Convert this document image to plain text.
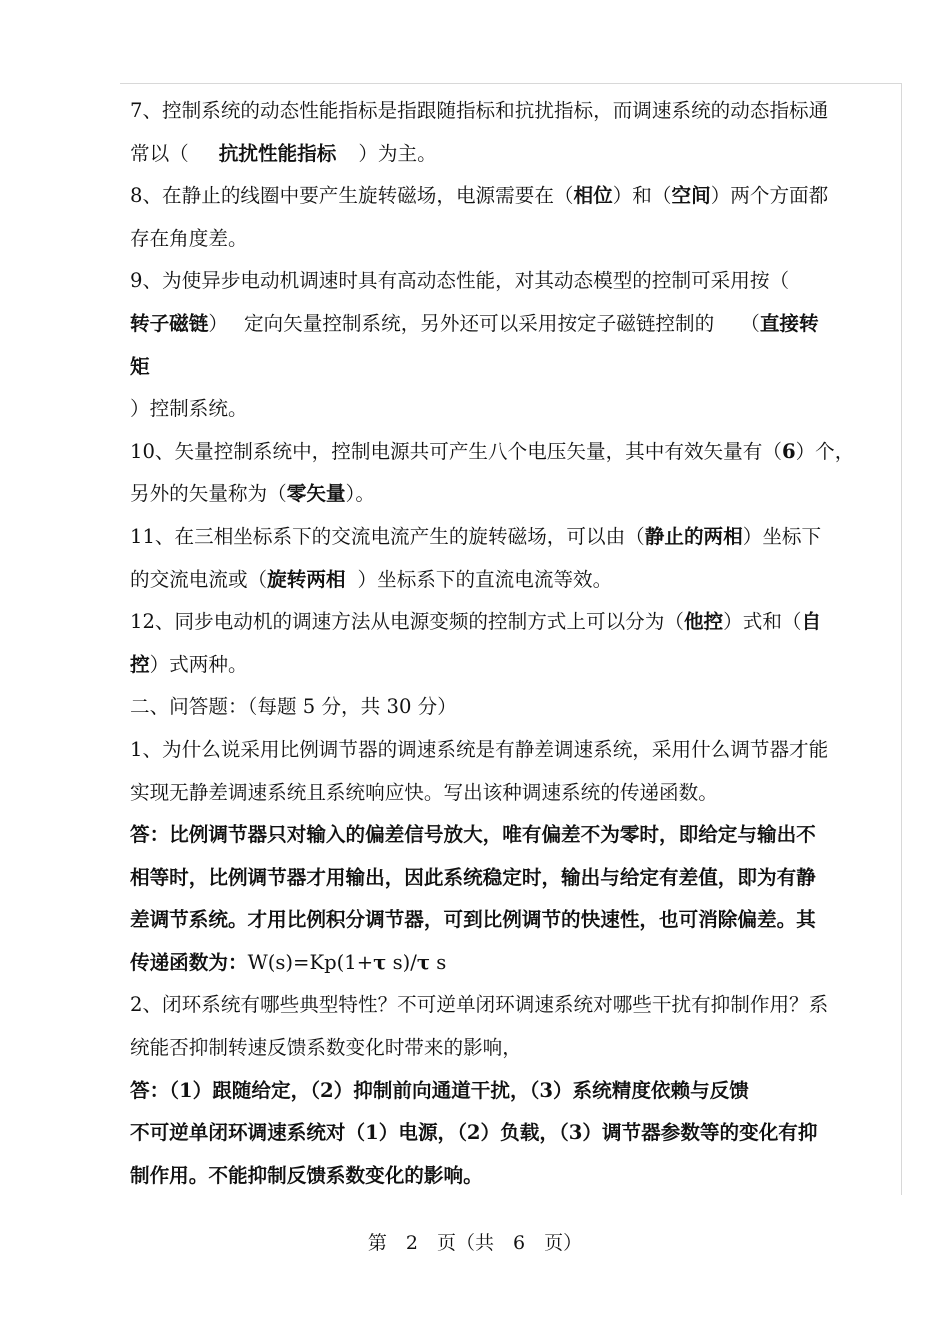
7、控制系统的动态性能指标是指跟随指标和抗扰指标，而调速系统的动态指标通
常以（ 抗扰性能指标 ）为主。
8、在静止的线圈中要产生旋转磁场，电源需要在（相位）和（空间）两个方面都
存在角度差。
9、为使异步电动机调速时具有高动态性能，对其动态模型的控制可采用按（
转子磁链） 定向矢量控制系统，另外还可以采用按定子磁链控制的 （直接转
矩
）控制系统。
10、矢量控制系统中，控制电源共可产生八个电压矢量，其中有效矢量有（6）个，
另外的矢量称为（零矢量）。
11、在三相坐标系下的交流电流产生的旋转磁场，可以由（静止的两相）坐标下
的交流电流或（旋转两相 ）坐标系下的直流电流等效。
12、同步电动机的调速方法从电源变频的控制方式上可以分为（他控）式和（自
控）式两种。
二、问答题：（每题 5 分，共 30 分）
1、为什么说采用比例调节器的调速系统是有静差调速系统，采用什么调节器才能
实现无静差调速系统且系统响应快。写出该种调速系统的传递函数。
答：比例调节器只对输入的偏差信号放大，唯有偏差不为零时，即给定与输出不
相等时，比例调节器才用输出，因此系统稳定时，输出与给定有差值，即为有静
差调节系统。才用比例积分调节器，可到比例调节的快速性，也可消除偏差。其
传递函数为：W(s)=Kp(1+τ s)/τ s
2、闭环系统有哪些典型特性？不可逆单闭环调速系统对哪些干扰有抑制作用？系
统能否抑制转速反馈系数变化时带来的影响，
答：（1）跟随给定，（2）抑制前向通道干扰，（3）系统精度依赖与反馈
不可逆单闭环调速系统对（1）电源，（2）负载，（3）调节器参数等的变化有抑
制作用。不能抑制反馈系数变化的影响。
第　2　页（共　6　页）
